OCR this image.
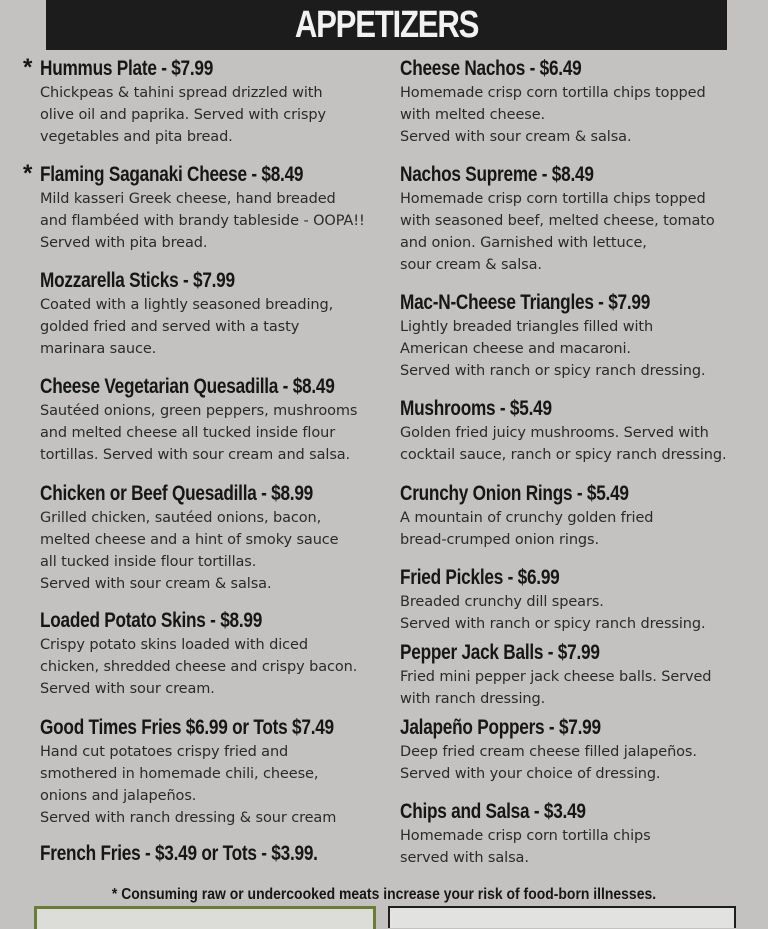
APPETIZERS
* Hummus Plate - $7.99
Chickpeas & tahini spread drizzled with
olive oil and paprika. Served with crispy
vegetables and pita bread.
* Flaming Saganaki Cheese - $8.49
Mild kasseri Greek cheese, hand breaded
and flambéed with brandy tableside - OOPA!!
Served with pita bread.
Mozzarella Sticks - $7.99
Coated with a lightly seasoned breading,
golded fried and served with a tasty
marinara sauce.
Cheese Vegetarian Quesadilla - $8.49
Sautéed onions, green peppers, mushrooms
and melted cheese all tucked inside flour
tortillas. Served with sour cream and salsa.
Chicken or Beef Quesadilla - $8.99
Grilled chicken, sautéed onions, bacon,
melted cheese and a hint of smoky sauce
all tucked inside flour tortillas.
Served with sour cream & salsa.
Loaded Potato Skins - $8.99
Crispy potato skins loaded with diced
chicken, shredded cheese and crispy bacon.
Served with sour cream.
Good Times Fries $6.99 or Tots $7.49
Hand cut potatoes crispy fried and
smothered in homemade chili, cheese,
onions and jalapeños.
Served with ranch dressing & sour cream
French Fries - $3.49 or Tots - $3.99.
Cheese Nachos - $6.49
Homemade crisp corn tortilla chips topped
with melted cheese.
Served with sour cream & salsa.
Nachos Supreme - $8.49
Homemade crisp corn tortilla chips topped
with seasoned beef, melted cheese, tomato
and onion. Garnished with lettuce,
sour cream & salsa.
Mac-N-Cheese Triangles - $7.99
Lightly breaded triangles filled with
American cheese and macaroni.
Served with ranch or spicy ranch dressing.
Mushrooms - $5.49
Golden fried juicy mushrooms. Served with
cocktail sauce, ranch or spicy ranch dressing.
Crunchy Onion Rings - $5.49
A mountain of crunchy golden fried
bread-crumped onion rings.
Fried Pickles - $6.99
Breaded crunchy dill spears.
Served with ranch or spicy ranch dressing.
Pepper Jack Balls - $7.99
Fried mini pepper jack cheese balls. Served
with ranch dressing.
Jalapeño Poppers - $7.99
Deep fried cream cheese filled jalapeños.
Served with your choice of dressing.
Chips and Salsa - $3.49
Homemade crisp corn tortilla chips
served with salsa.
* Consuming raw or undercooked meats increase your risk of food-born illnesses.
